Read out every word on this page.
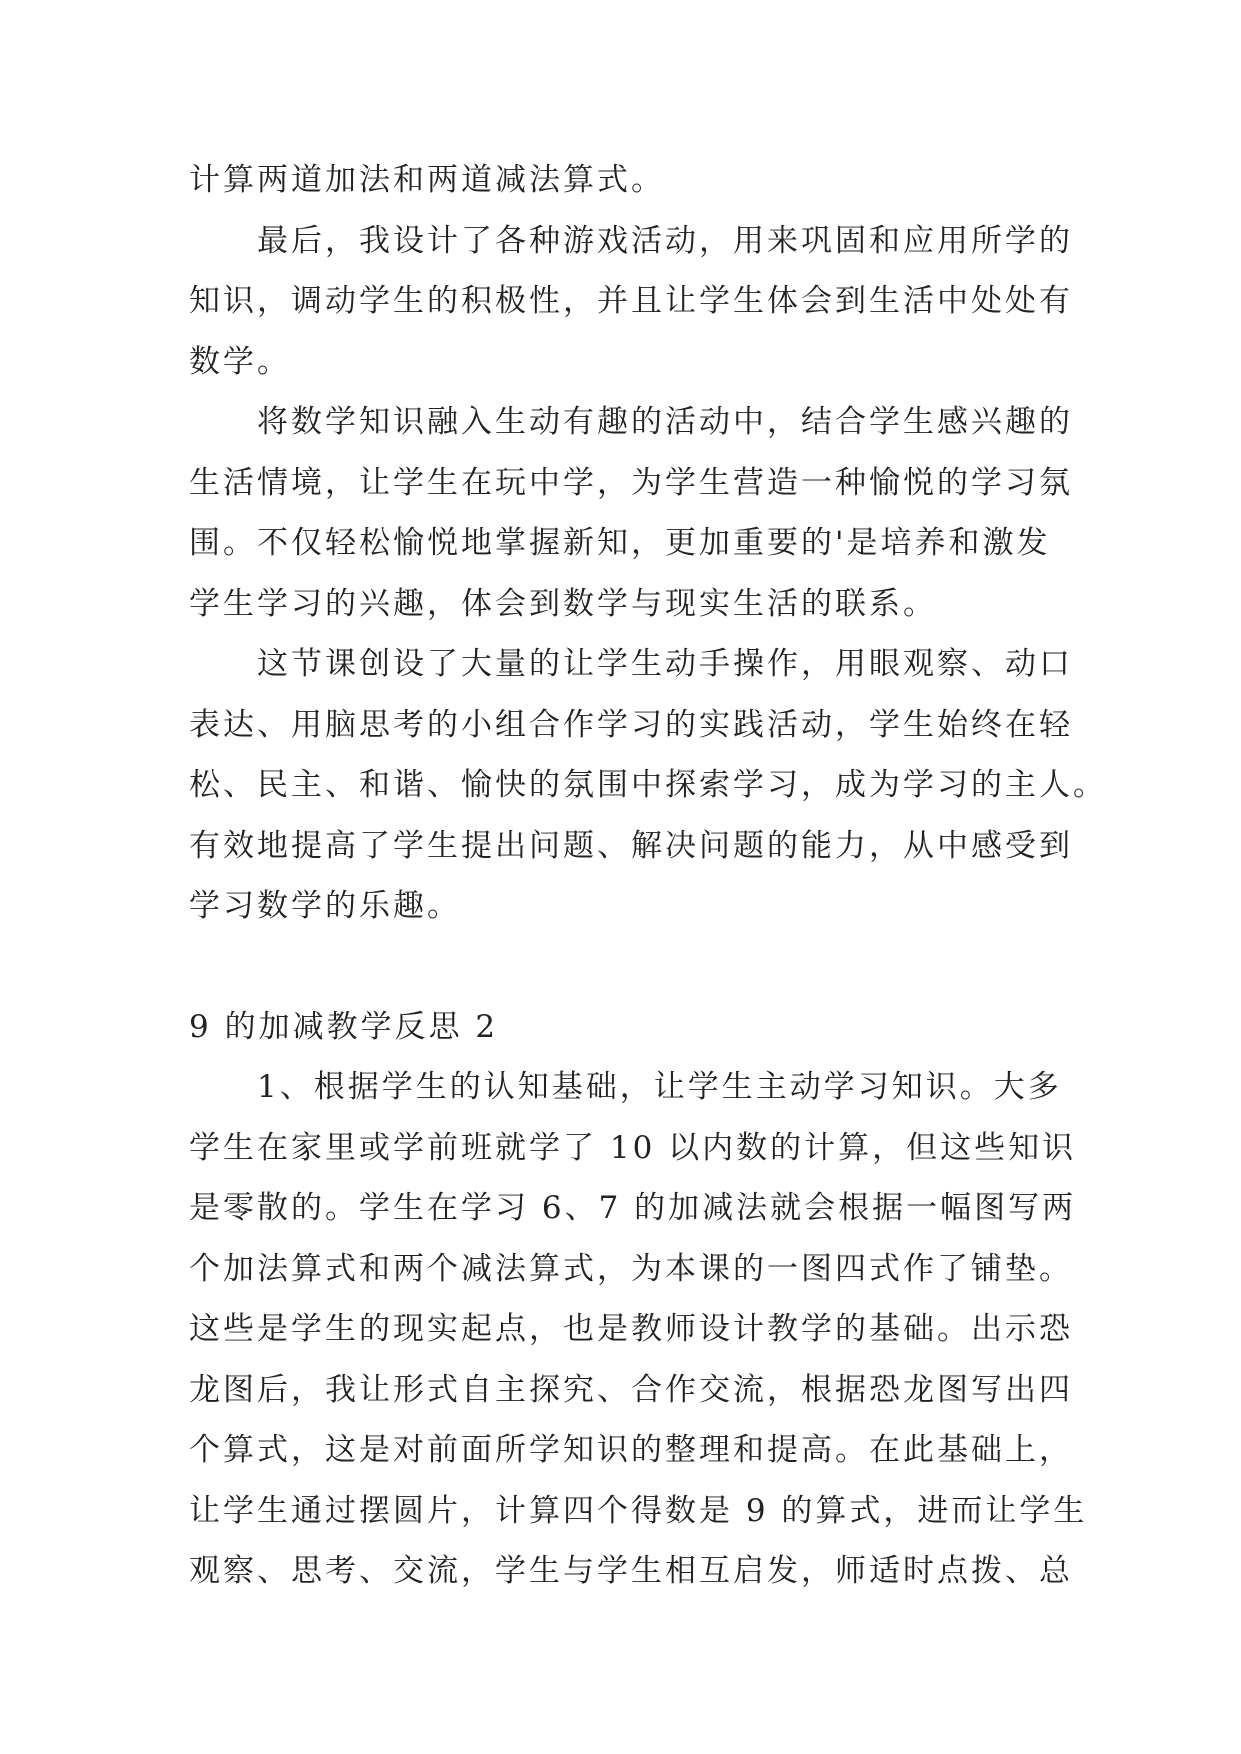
计算两道加法和两道减法算式。
最后，我设计了各种游戏活动，用来巩固和应用所学的
知识，调动学生的积极性，并且让学生体会到生活中处处有
数学。
将数学知识融入生动有趣的活动中，结合学生感兴趣的
生活情境，让学生在玩中学，为学生营造一种愉悦的学习氛
围。不仅轻松愉悦地掌握新知，更加重要的'是培养和激发
学生学习的兴趣，体会到数学与现实生活的联系。
这节课创设了大量的让学生动手操作，用眼观察、动口
表达、用脑思考的小组合作学习的实践活动，学生始终在轻
松、民主、和谐、愉快的氛围中探索学习，成为学习的主人。
有效地提高了学生提出问题、解决问题的能力，从中感受到
学习数学的乐趣。
9 的加减教学反思 2
1、根据学生的认知基础，让学生主动学习知识。大多
学生在家里或学前班就学了 10 以内数的计算，但这些知识
是零散的。学生在学习 6、7 的加减法就会根据一幅图写两
个加法算式和两个减法算式，为本课的一图四式作了铺垫。
这些是学生的现实起点，也是教师设计教学的基础。出示恐
龙图后，我让形式自主探究、合作交流，根据恐龙图写出四
个算式，这是对前面所学知识的整理和提高。在此基础上，
让学生通过摆圆片，计算四个得数是 9 的算式，进而让学生
观察、思考、交流，学生与学生相互启发，师适时点拨、总
